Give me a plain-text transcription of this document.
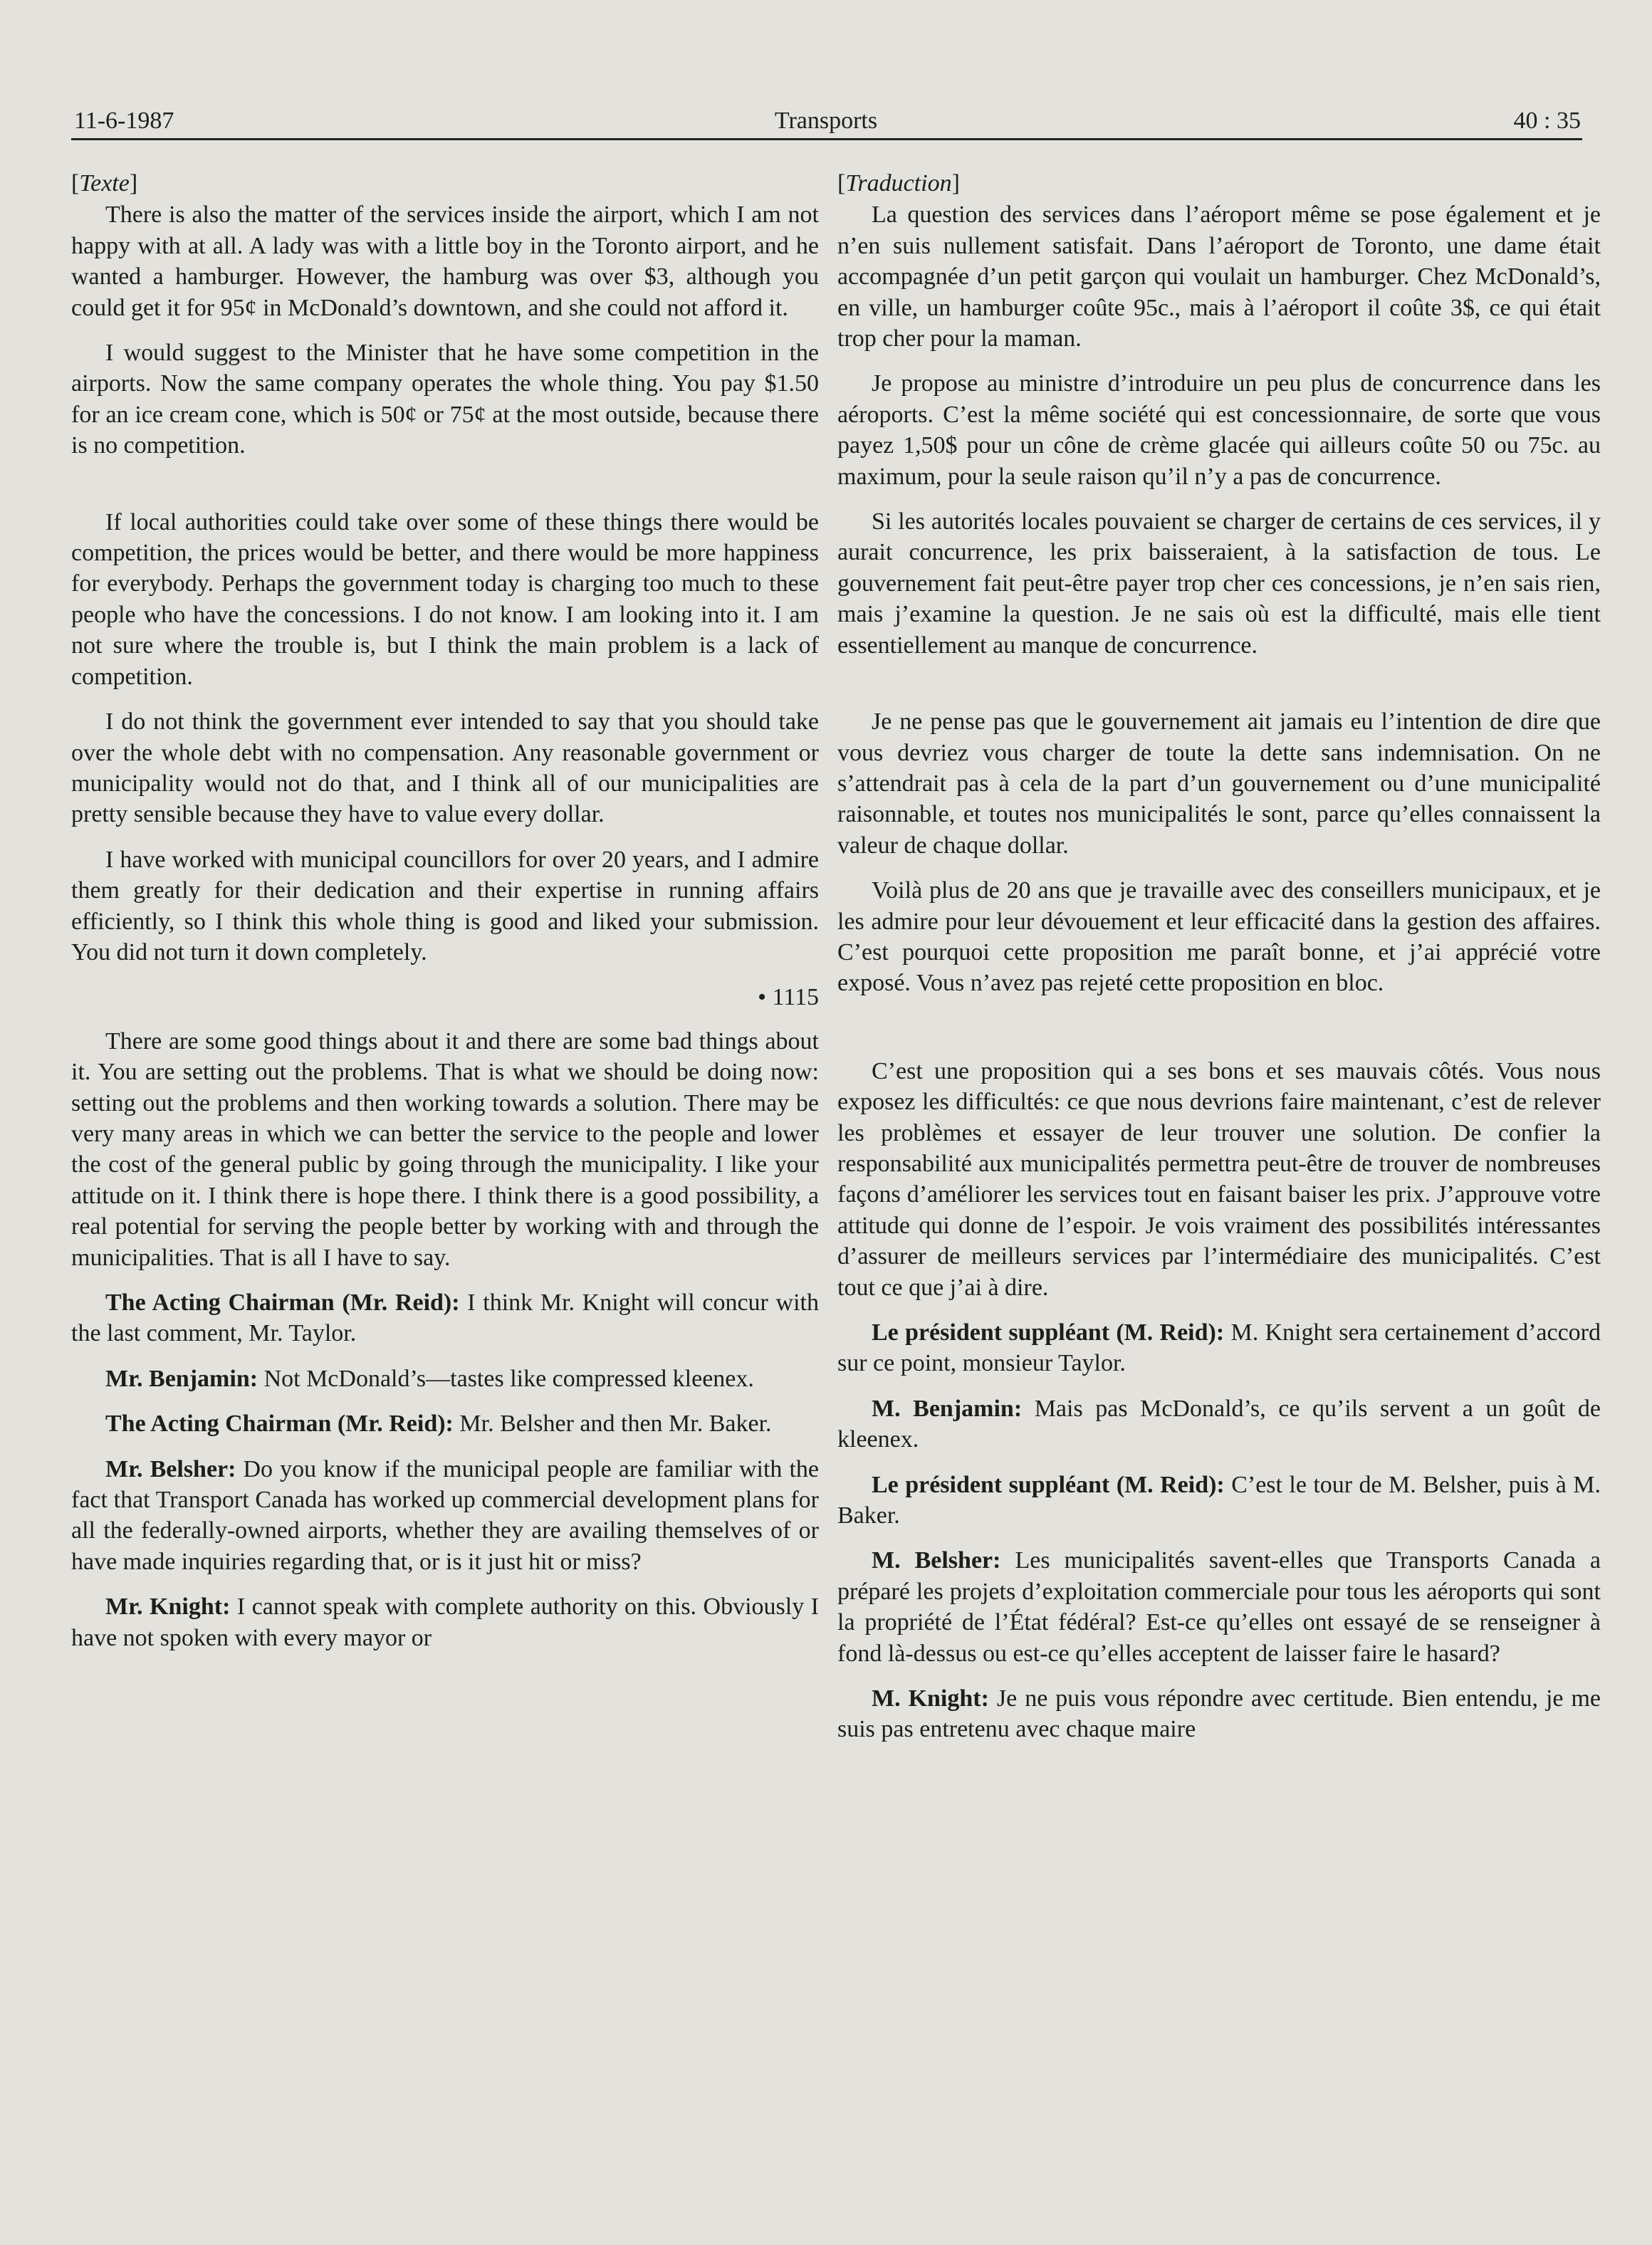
11-6-1987	Transports	40 : 35
[Texte]

There is also the matter of the services inside the airport, which I am not happy with at all. A lady was with a little boy in the Toronto airport, and he wanted a hamburger. However, the hamburg was over $3, although you could get it for 95¢ in McDonald’s downtown, and she could not afford it.

I would suggest to the Minister that he have some competition in the airports. Now the same company operates the whole thing. You pay $1.50 for an ice cream cone, which is 50¢ or 75¢ at the most outside, because there is no competition.

If local authorities could take over some of these things there would be competition, the prices would be better, and there would be more happiness for everybody. Perhaps the government today is charging too much to these people who have the concessions. I do not know. I am looking into it. I am not sure where the trouble is, but I think the main problem is a lack of competition.

I do not think the government ever intended to say that you should take over the whole debt with no compensation. Any reasonable government or municipality would not do that, and I think all of our municipalities are pretty sensible because they have to value every dollar.

I have worked with municipal councillors for over 20 years, and I admire them greatly for their dedication and their expertise in running affairs efficiently, so I think this whole thing is good and liked your submission. You did not turn it down completely.

• 1115

There are some good things about it and there are some bad things about it. You are setting out the problems. That is what we should be doing now: setting out the problems and then working towards a solution. There may be very many areas in which we can better the service to the people and lower the cost of the general public by going through the municipality. I like your attitude on it. I think there is hope there. I think there is a good possibility, a real potential for serving the people better by working with and through the municipalities. That is all I have to say.

The Acting Chairman (Mr. Reid): I think Mr. Knight will concur with the last comment, Mr. Taylor.

Mr. Benjamin: Not McDonald’s—tastes like compressed kleenex.

The Acting Chairman (Mr. Reid): Mr. Belsher and then Mr. Baker.

Mr. Belsher: Do you know if the municipal people are familiar with the fact that Transport Canada has worked up commercial development plans for all the federally-owned airports, whether they are availing themselves of or have made inquiries regarding that, or is it just hit or miss?

Mr. Knight: I cannot speak with complete authority on this. Obviously I have not spoken with every mayor or

[Traduction]

La question des services dans l’aéroport même se pose également et je n’en suis nullement satisfait. Dans l’aéroport de Toronto, une dame était accompagnée d’un petit garçon qui voulait un hamburger. Chez McDonald’s, en ville, un hamburger coûte 95c., mais à l’aéroport il coûte 3$, ce qui était trop cher pour la maman.

Je propose au ministre d’introduire un peu plus de concurrence dans les aéroports. C’est la même société qui est concessionnaire, de sorte que vous payez 1,50$ pour un cône de crème glacée qui ailleurs coûte 50 ou 75c. au maximum, pour la seule raison qu’il n’y a pas de concurrence.

Si les autorités locales pouvaient se charger de certains de ces services, il y aurait concurrence, les prix baisseraient, à la satisfaction de tous. Le gouvernement fait peut-être payer trop cher ces concessions, je n’en sais rien, mais j’examine la question. Je ne sais où est la difficulté, mais elle tient essentiellement au manque de concurrence.

Je ne pense pas que le gouvernement ait jamais eu l’intention de dire que vous devriez vous charger de toute la dette sans indemnisation. On ne s’attendrait pas à cela de la part d’un gouvernement ou d’une municipalité raisonnable, et toutes nos municipalités le sont, parce qu’elles connaissent la valeur de chaque dollar.

Voilà plus de 20 ans que je travaille avec des conseillers municipaux, et je les admire pour leur dévouement et leur efficacité dans la gestion des affaires. C’est pourquoi cette proposition me paraît bonne, et j’ai apprécié votre exposé. Vous n’avez pas rejeté cette proposition en bloc.

C’est une proposition qui a ses bons et ses mauvais côtés. Vous nous exposez les difficultés: ce que nous devrions faire maintenant, c’est de relever les problèmes et essayer de leur trouver une solution. De confier la responsabilité aux municipalités permettra peut-être de trouver de nombreuses façons d’améliorer les services tout en faisant baiser les prix. J’approuve votre attitude qui donne de l’espoir. Je vois vraiment des possibilités intéressantes d’assurer de meilleurs services par l’intermédiaire des municipalités. C’est tout ce que j’ai à dire.

Le président suppléant (M. Reid): M. Knight sera certainement d’accord sur ce point, monsieur Taylor.

M. Benjamin: Mais pas McDonald’s, ce qu’ils servent a un goût de kleenex.

Le président suppléant (M. Reid): C’est le tour de M. Belsher, puis à M. Baker.

M. Belsher: Les municipalités savent-elles que Transports Canada a préparé les projets d’exploitation commerciale pour tous les aéroports qui sont la propriété de l’État fédéral? Est-ce qu’elles ont essayé de se renseigner à fond là-dessus ou est-ce qu’elles acceptent de laisser faire le hasard?

M. Knight: Je ne puis vous répondre avec certitude. Bien entendu, je me suis pas entretenu avec chaque maire
